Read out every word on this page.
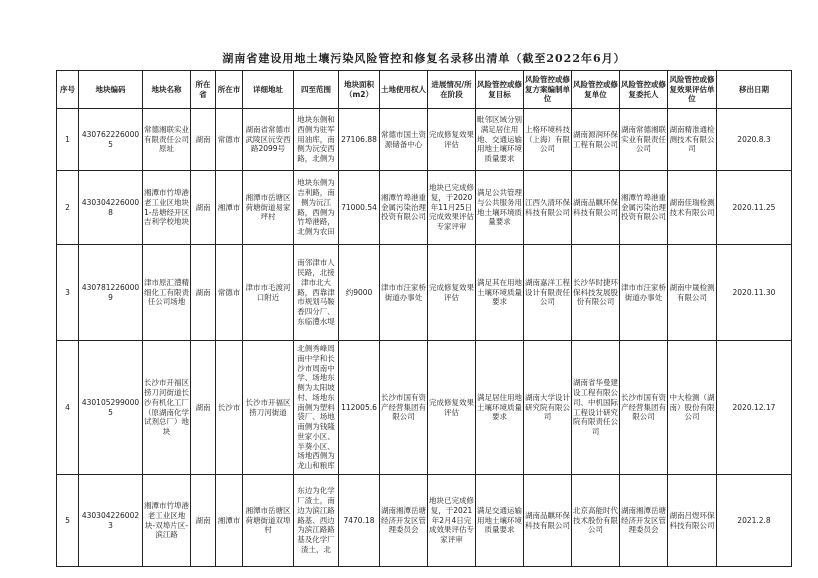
湖南省建设用地土壤污染风险管控和修复名录移出清单（截至2022年6月）
序号	地块编码	地块名称	所在省	所在市	详细地址	四至范围	地块面积（m2）	土地使用权人	进展情况/所在阶段	风险管控或修复目标	风险管控或修复方案编制单位	风险管控或修复单位	风险管控或修复委托人	风险管控或修复效果评估单位	移出日期
1	4307622260005	常德湘联实业有限责任公司原址	湖南	常德市	湖南省常德市武陵区沅安西路2099号	地块东侧和西侧为驻军用油库，南侧为沅安西路，北侧为	27106.88	常德市国土资源储备中心	完成修复效果评估	毗邻区域分别满足居住用地、交通运输用地土壤环境质量要求	上格环境科技（上海）有限公司	湖南源润环保工程有限公司	湖南常德湘联实业有限责任公司	湖南精准通检测技术有限公司	2020.8.3
2	4303042260008	湘潭市竹埠港老工业区地块1-岳塘经开区吉利学校地块	湖南	湘潭市	湘潭市岳塘区荷塘街道易家坪村	地块东侧为吉利路，南侧为沅江路，西侧为竹埠港路，北侧为农田	71000.54	湘潭竹埠港重金属污染治理投资有限公司	地块已完成修复，于2020年11月25日完成效果评估专家评审	满足公共管理与公共服务用地土壤环境质量要求	江西久清环保科技有限公司	湖南品麒环保科技有限公司	湘潭竹埠港重金属污染治理投资有限公司	湖南佳瑞检测技术有限公司	2020.11.25
3	4307812260009	津市原汇澧精细化工有限责任公司场地	湖南	常德市	津市市毛渡河口附近	南邻津市人民路，北接津市北大路，西靠津市规划马鞍香四分厂、东临澧水堤	约9000	津市市汪家桥街道办事处	完成修复效果评估	满足其在用地土壤环境质量要求	湖南嘉洋工程设计有限责任公司	长沙华时捷环保科技发展股份有限公司	津市市汪家桥街道办事处	湖南中晟检测有限公司	2020.11.30
4	4301052990005	长沙市开福区捞刀河街道长沙有机化工厂（原湖南化学试剂总厂）地块	湖南	长沙市	长沙市开福区捞刀河街道	北侧秀峰周南中学和长沙市周南中学、场地东侧为太阳坡村、场地东南侧为塑料袋厂、场地南侧为钱隆世家小区、半葵小区、场地西侧为龙山和粮库	112005.6	长沙市国有资产经营集团有限公司	完成修复效果评估	满足居住用地土壤环境质量要求	湖南大学设计研究院有限公司	湖南省华曼建设工程有限公司、中机国际工程设计研究院有限责任公司	长沙市国有资产经营集团有限公司	中大检测（湖南）股份有限公司	2020.12.17
5	4303042260023	湘潭市竹埠港老工业区地块-双埠片区-滨江路	湖南	湘潭市	湘潭市岳塘区荷塘街道双埠村	东边为化学厂渣土，南边为滨江路路基、西边为滨江路路基及化学厂渣土，北	7470.18	湖南湘潭岳塘经济开发区管理委员会	地块已完成修复，于2021年2月4日完成效果评估专家评审	满足交通运输用地土壤环境质量要求	湖南品麒环保科技有限公司	北京高能时代技术股份有限公司	湖南湘潭岳塘经济开发区管理委员会	湖南吕煜环保科技有限公司	2021.2.8
